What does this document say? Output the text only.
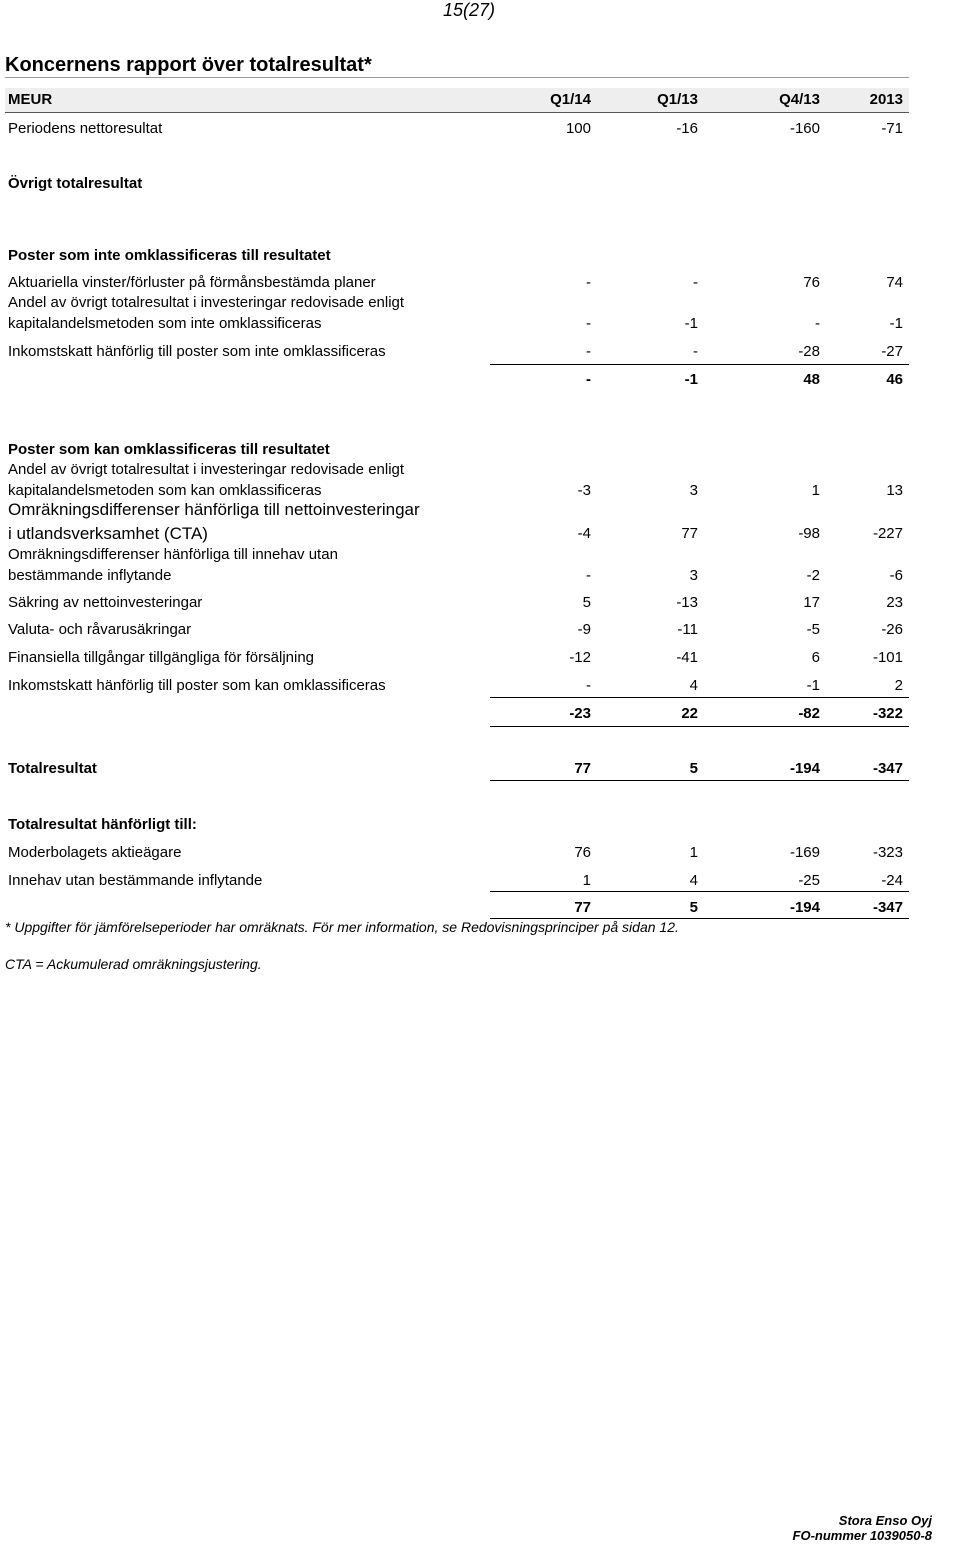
15(27)
Koncernens rapport över totalresultat*
MEUR	Q1/14	Q1/13	Q4/13	2013
Periodens nettoresultat	100	-16	-160	-71
Övrigt totalresultat
Poster som inte omklassificeras till resultatet
Aktuariella vinster/förluster på förmånsbestämda planer	-	-	76	74
Andel av övrigt totalresultat i investeringar redovisade enligt
kapitalandelsmetoden som inte omklassificeras	-	-1	-	-1
Inkomstskatt hänförlig till poster som inte omklassificeras	-	-	-28	-27
-	-1	48	46
Poster som kan omklassificeras till resultatet
Andel av övrigt totalresultat i investeringar redovisade enligt
kapitalandelsmetoden som kan omklassificeras	-3	3	1	13
Omräkningsdifferenser hänförliga till nettoinvesteringar
i utlandsverksamhet (CTA)	-4	77	-98	-227
Omräkningsdifferenser hänförliga till innehav utan
bestämmande inflytande	-	3	-2	-6
Säkring av nettoinvesteringar	5	-13	17	23
Valuta- och råvarusäkringar	-9	-11	-5	-26
Finansiella tillgångar tillgängliga för försäljning	-12	-41	6	-101
Inkomstskatt hänförlig till poster som kan omklassificeras	-	4	-1	2
-23	22	-82	-322
Totalresultat	77	5	-194	-347
Totalresultat hänförligt till:
Moderbolagets aktieägare	76	1	-169	-323
Innehav utan bestämmande inflytande	1	4	-25	-24
77	5	-194	-347
* Uppgifter för jämförelseperioder har omräknats. För mer information, se Redovisningsprinciper på sidan 12.
CTA = Ackumulerad omräkningsjustering.
Stora Enso Oyj
FO-nummer 1039050-8
